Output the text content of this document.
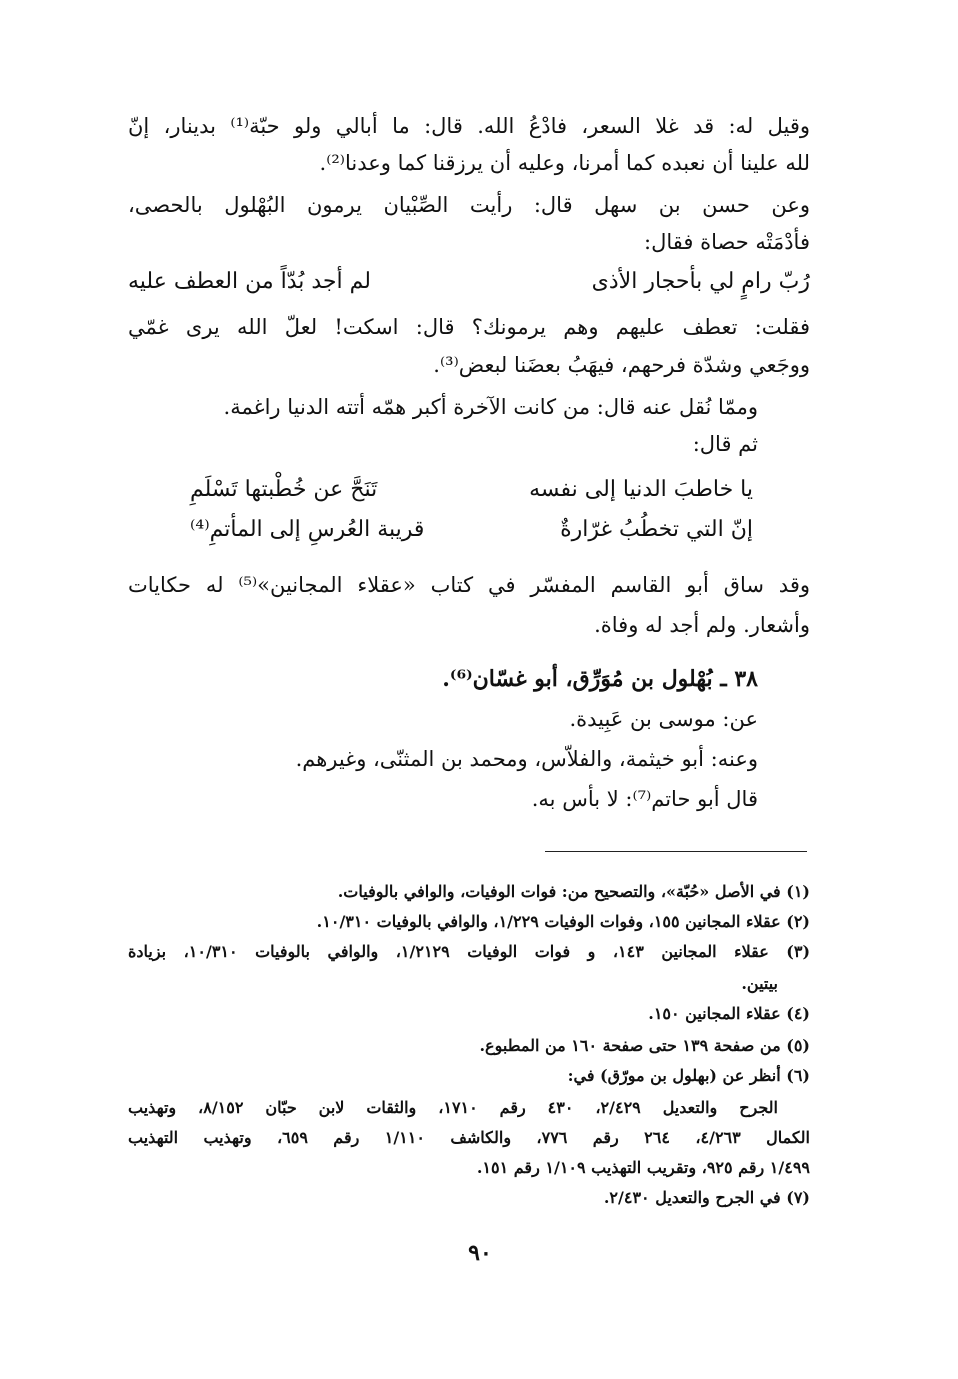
وقيل له: قد غلا السعر، فادْعُ الله. قال: ما أبالي ولو حبّة⁽¹⁾ بدينار، إنّ
لله علينا أن نعبده كما أمرنا، وعليه أن يرزقنا كما وعدنا⁽²⁾.
وعن حسن بن سهل قال: رأيت الصِّبْيان يرمون البُهْلول بالحصى،
فأدْمَتْه حصاة فقال:
رُبّ رامٍ لي بأحجار الأذى
لم أجد بُدّاً من العطف عليه
فقلت: تعطف عليهم وهم يرمونك؟ قال: اسكت! لعلّ الله يرى غمّي
ووجَعي وشدّة فرحهم، فيهَبُ بعضَنا لبعض⁽³⁾.
وممّا نُقل عنه قال: من كانت الآخرة أكبر همّه أتته الدنيا راغمة.
ثم قال:
يا خاطبَ الدنيا إلى نفسه
تَنَحَّ عن خُطْبتها تَسْلَمِ
إنّ التي تخطُبُ غرّارةٌ
قريبة العُرسِ إلى المأتمِ⁽⁴⁾
وقد ساق أبو القاسم المفسّر في كتاب «عقلاء المجانين»⁽⁵⁾ له حكايات
وأشعار. ولم أجد له وفاة.
٣٨ ـ بُهْلول بن مُوَرِّق، أبو غسّان⁽⁶⁾.
عن: موسى بن عَبِيدة.
وعنه: أبو خيثمة، والفلاّس، ومحمد بن المثنّى، وغيرهم.
قال أبو حاتم⁽⁷⁾: لا بأس به.
(١) في الأصل «حُبّة»، والتصحيح من: فوات الوفيات، والوافي بالوفيات.
(٢) عقلاء المجانين ١٥٥، وفوات الوفيات ١/٢٢٩، والوافي بالوفيات ١٠/٣١٠.
(٣) عقلاء المجانين ١٤٣، و فوات الوفيات ١/٢١٢٩، والوافي بالوفيات ١٠/٣١٠، بزيادة
بيتين.
(٤) عقلاء المجانين ١٥٠.
(٥) من صفحة ١٣٩ حتى صفحة ١٦٠ من المطبوع.
(٦) أنظر عن (بهلول بن مورّق) في:
الجرح والتعديل ٢/٤٢٩، ٤٣٠ رقم ١٧١٠، والثقات لابن حبّان ٨/١٥٢، وتهذيب
الكمال ٤/٢٦٣، ٢٦٤ رقم ٧٧٦، والكاشف ١/١١٠ رقم ٦٥٩، وتهذيب التهذيب
١/٤٩٩ رقم ٩٢٥، وتقريب التهذيب ١/١٠٩ رقم ١٥١.
(٧) في الجرح والتعديل ٢/٤٣٠.
٩٠
